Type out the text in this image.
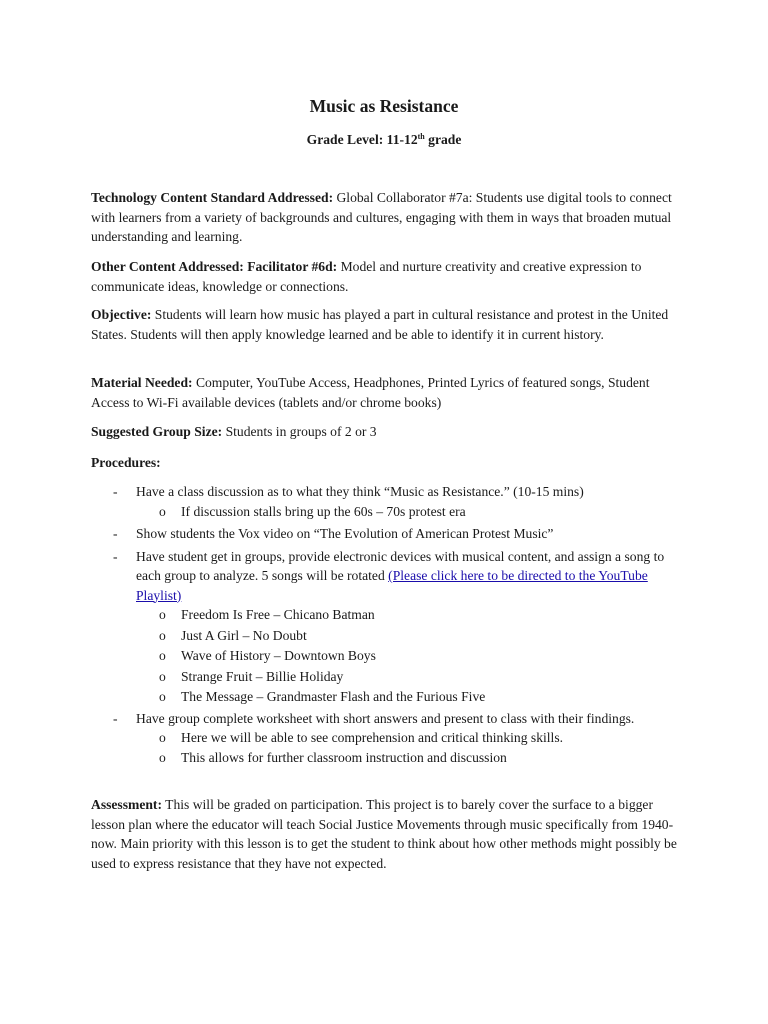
Music as Resistance
Grade Level: 11-12th grade

Technology Content Standard Addressed: Global Collaborator #7a: Students use digital tools to connect with learners from a variety of backgrounds and cultures, engaging with them in ways that broaden mutual understanding and learning.

Other Content Addressed: Facilitator #6d: Model and nurture creativity and creative expression to communicate ideas, knowledge or connections.

Objective: Students will learn how music has played a part in cultural resistance and protest in the United States. Students will then apply knowledge learned and be able to identify it in current history.

Material Needed: Computer, YouTube Access, Headphones, Printed Lyrics of featured songs, Student Access to Wi-Fi available devices (tablets and/or chrome books)

Suggested Group Size: Students in groups of 2 or 3

Procedures:

- Have a class discussion as to what they think “Music as Resistance.” (10-15 mins)
o If discussion stalls bring up the 60s – 70s protest era
- Show students the Vox video on “The Evolution of American Protest Music”
- Have student get in groups, provide electronic devices with musical content, and assign a song to each group to analyze. 5 songs will be rotated (Please click here to be directed to the YouTube Playlist)
o Freedom Is Free – Chicano Batman
o Just A Girl – No Doubt
o Wave of History – Downtown Boys
o Strange Fruit – Billie Holiday
o The Message – Grandmaster Flash and the Furious Five
- Have group complete worksheet with short answers and present to class with their findings.
o Here we will be able to see comprehension and critical thinking skills.
o This allows for further classroom instruction and discussion

Assessment: This will be graded on participation. This project is to barely cover the surface to a bigger lesson plan where the educator will teach Social Justice Movements through music specifically from 1940-now. Main priority with this lesson is to get the student to think about how other methods might possibly be used to express resistance that they have not expected.
